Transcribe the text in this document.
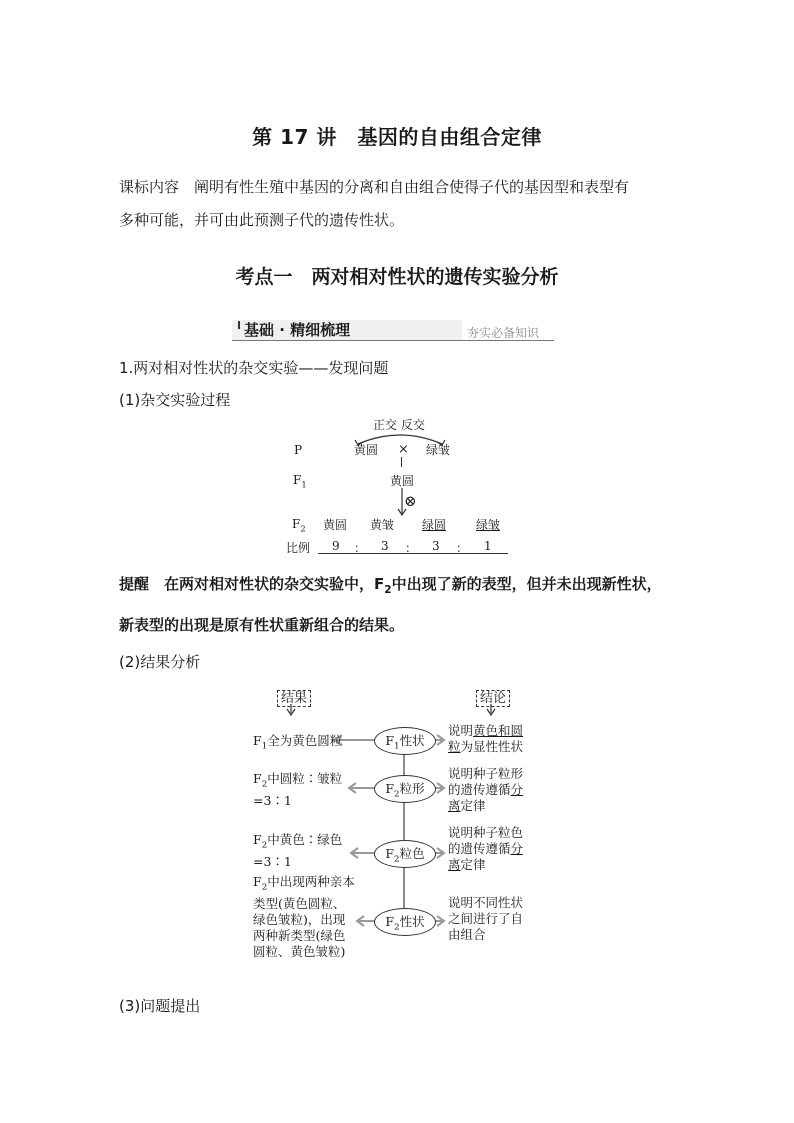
第 17 讲　基因的自由组合定律
课标内容　 阐明有性生殖中基因的分离和自由组合使得子代的基因型和表型有
多种可能，并可由此预测子代的遗传性状。
考点一　两对相对性状的遗传实验分析
基础 · 精细梳理	夯实必备知识
1.两对相对性状的杂交实验——发现问题
(1)杂交实验过程
正交 反交
P	黄圆 × 绿皱
$F_1$	黄圆
⊗
$F_2$ 黄圆 黄皱 绿圆 绿皱
比例 9 ： 3 ： 3 ： 1
提醒　 在两对相对性状的杂交实验中，$F_2$中出现了新的表型，但并未出现新性状，
新表型的出现是原有性状重新组合的结果。
(2)结果分析
结果	结论
$F_1$性状
$F_2$粒形
$F_2$粒色
$F_2$性状
$F_1$全为黄色圆粒
$F_2$中圆粒∶皱粒=3∶1
$F_2$中黄色∶绿色=3∶1
$F_2$中出现两种亲本类型(黄色圆粒、绿色皱粒)，出现两种新类型(绿色圆粒、黄色皱粒)
说明黄色和圆粒为显性性状
说明种子粒形的遗传遵循分离定律
说明种子粒色的遗传遵循分离定律
说明不同性状之间进行了自由组合
(3)问题提出
